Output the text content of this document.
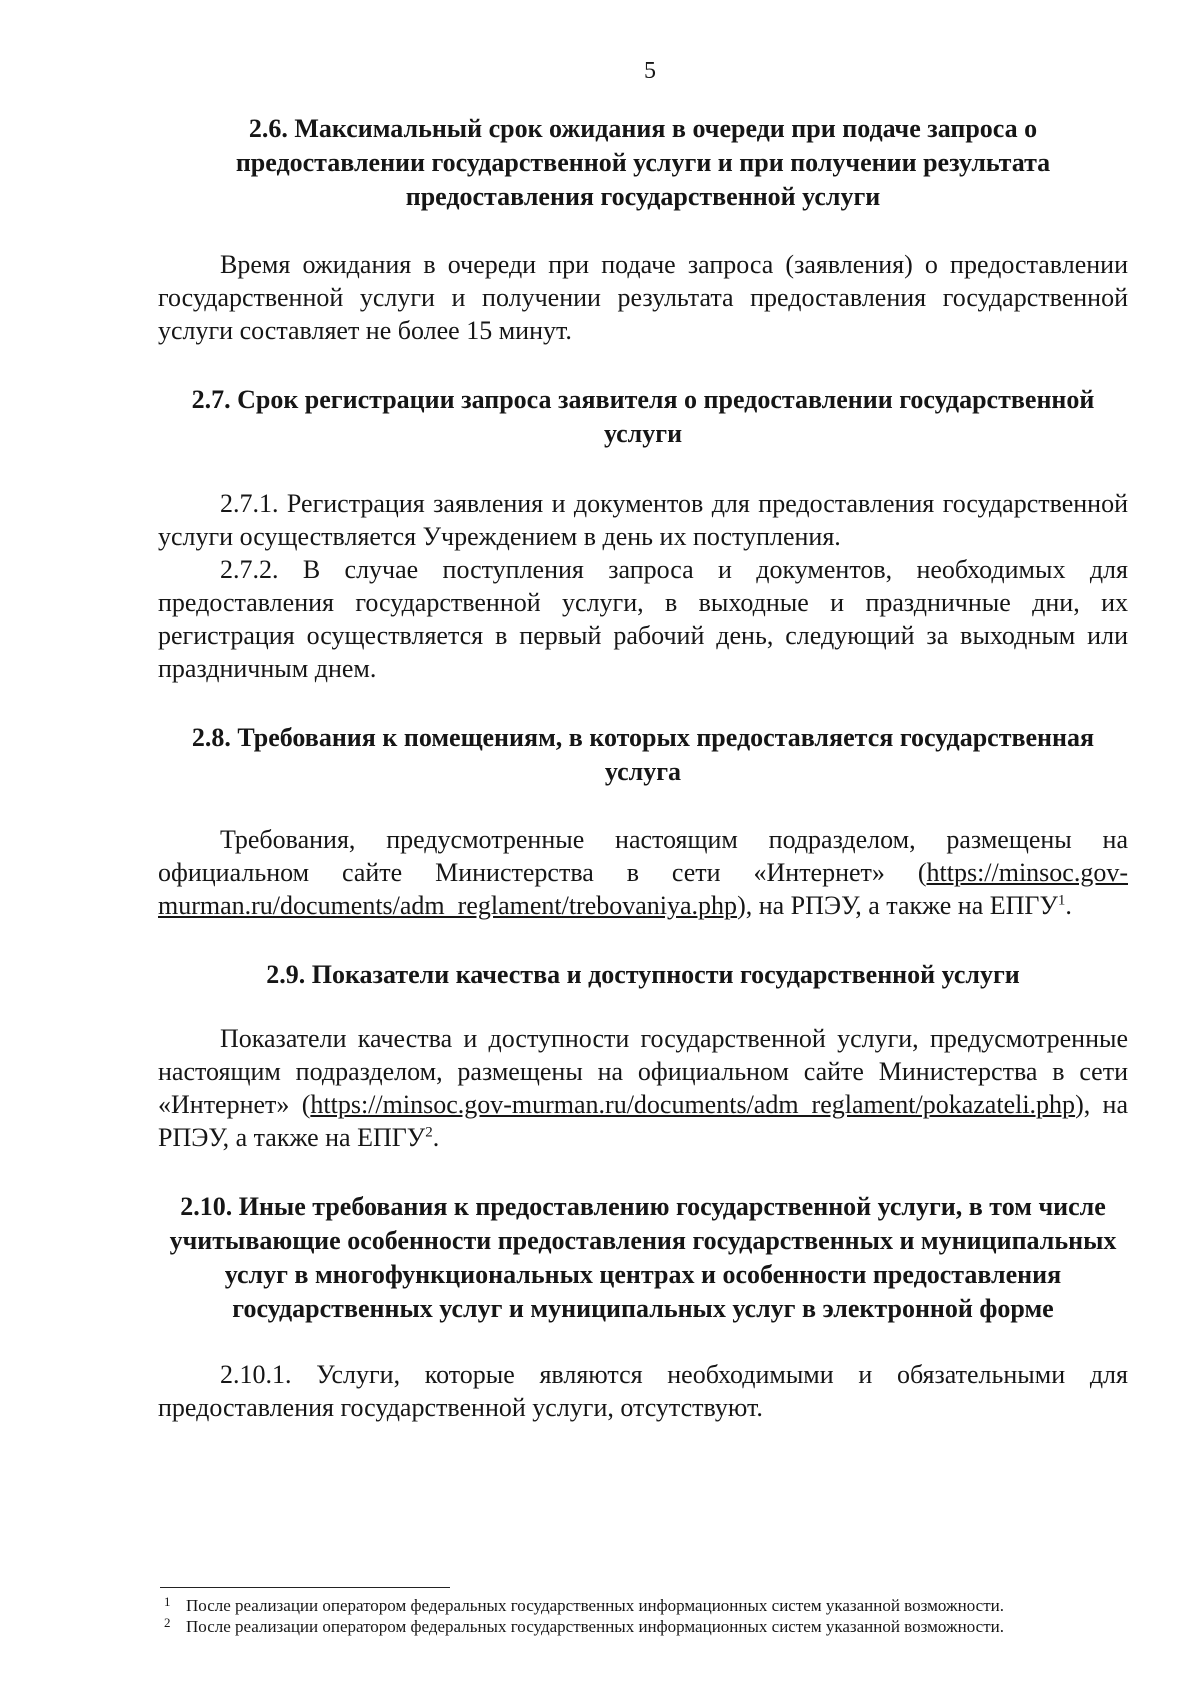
5
2.6. Максимальный срок ожидания в очереди при подаче запроса о предоставлении государственной услуги и при получении результата предоставления государственной услуги

Время ожидания в очереди при подаче запроса (заявления) о предоставлении государственной услуги и получении результата предоставления государственной услуги составляет не более 15 минут.

2.7. Срок регистрации запроса заявителя о предоставлении государственной услуги

2.7.1. Регистрация заявления и документов для предоставления государственной услуги осуществляется Учреждением в день их поступления.

2.7.2. В случае поступления запроса и документов, необходимых для предоставления государственной услуги, в выходные и праздничные дни, их регистрация осуществляется в первый рабочий день, следующий за выходным или праздничным днем.

2.8. Требования к помещениям, в которых предоставляется государственная услуга

Требования, предусмотренные настоящим подразделом, размещены на официальном сайте Министерства в сети «Интернет» (https://minsoc.gov-murman.ru/documents/adm_reglament/trebovaniya.php), на РПЭУ, а также на ЕПГУ$^1$.

2.9. Показатели качества и доступности государственной услуги

Показатели качества и доступности государственной услуги, предусмотренные настоящим подразделом, размещены на официальном сайте Министерства в сети «Интернет» (https://minsoc.gov-murman.ru/documents/adm_reglament/pokazateli.php), на РПЭУ, а также на ЕПГУ$^2$.

2.10. Иные требования к предоставлению государственной услуги, в том числе учитывающие особенности предоставления государственных и муниципальных услуг в многофункциональных центрах и особенности предоставления государственных услуг и муниципальных услуг в электронной форме

2.10.1. Услуги, которые являются необходимыми и обязательными для предоставления государственной услуги, отсутствуют.

1 После реализации оператором федеральных государственных информационных систем указанной возможности.
2 После реализации оператором федеральных государственных информационных систем указанной возможности.
